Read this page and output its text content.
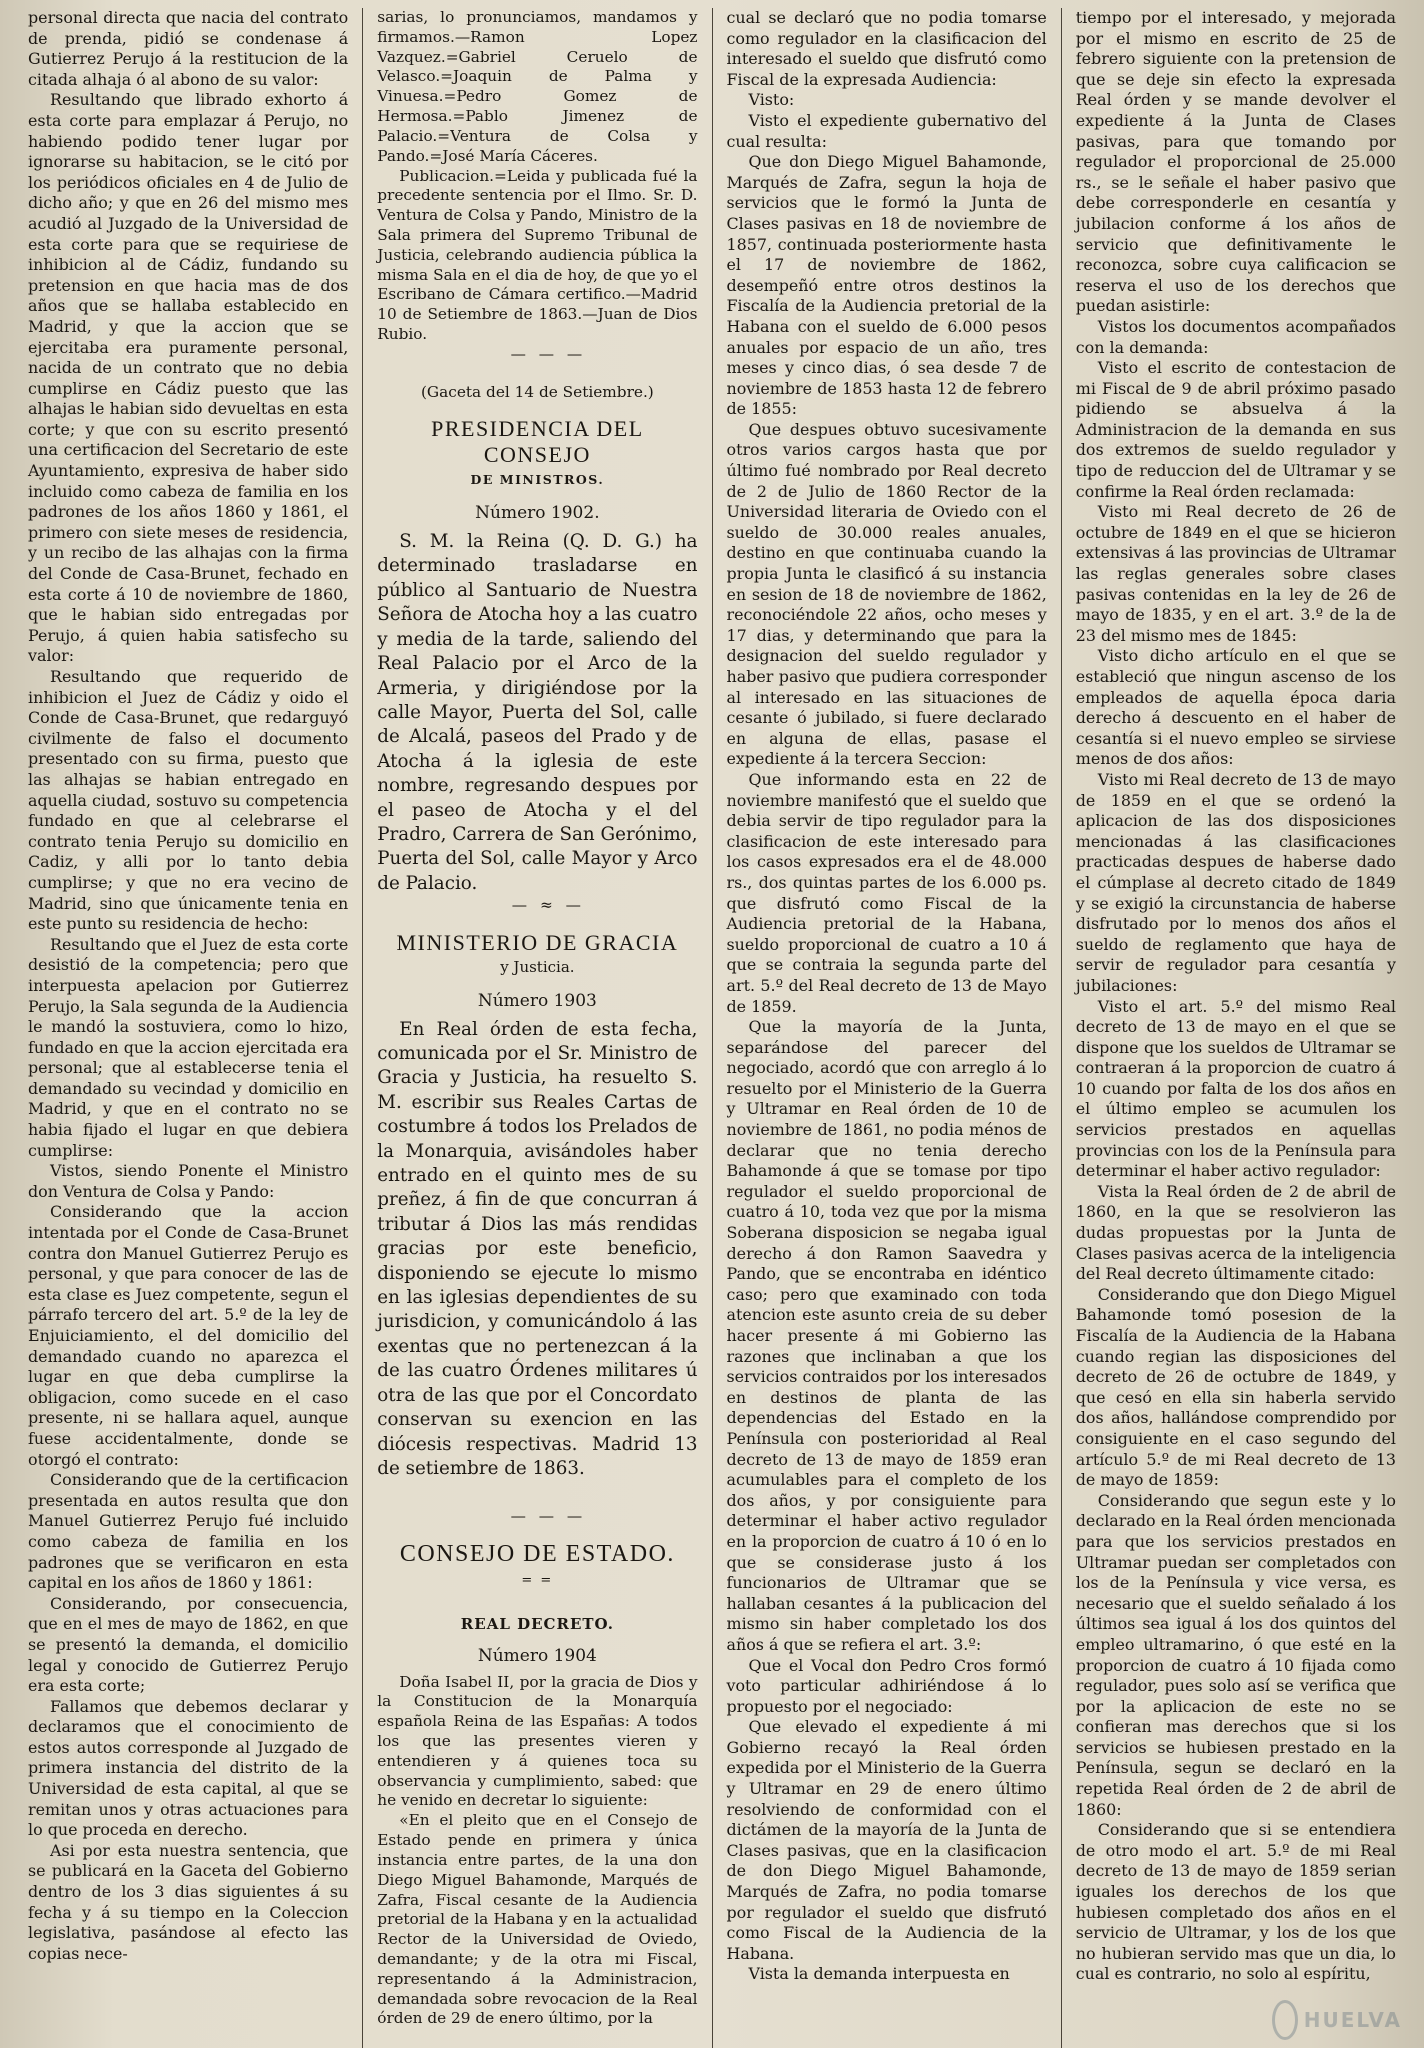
personal directa que nacia del contrato de prenda, pidió se condenase á Gutierrez Perujo á la restitucion de la citada alhaja ó al abono de su valor:

Resultando que librado exhorto á esta corte para emplazar á Perujo, no habiendo podido tener lugar por ignorarse su habitacion, se le citó por los periódicos oficiales en 4 de Julio de dicho año; y que en 26 del mismo mes acudió al Juzgado de la Universidad de esta corte para que se requiriese de inhibicion al de Cádiz, fundando su pretension en que hacia mas de dos años que se hallaba establecido en Madrid, y que la accion que se ejercitaba era puramente personal, nacida de un contrato que no debia cumplirse en Cádiz puesto que las alhajas le habian sido devueltas en esta corte; y que con su escrito presentó una certificacion del Secretario de este Ayuntamiento, expresiva de haber sido incluido como cabeza de familia en los padrones de los años 1860 y 1861, el primero con siete meses de residencia, y un recibo de las alhajas con la firma del Conde de Casa-Brunet, fechado en esta corte á 10 de noviembre de 1860, que le habian sido entregadas por Perujo, á quien habia satisfecho su valor:

Resultando que requerido de inhibicion el Juez de Cádiz y oido el Conde de Casa-Brunet, que redarguyó civilmente de falso el documento presentado con su firma, puesto que las alhajas se habian entregado en aquella ciudad, sostuvo su competencia fundado en que al celebrarse el contrato tenia Perujo su domicilio en Cadiz, y alli por lo tanto debia cumplirse; y que no era vecino de Madrid, sino que únicamente tenia en este punto su residencia de hecho:

Resultando que el Juez de esta corte desistió de la competencia; pero que interpuesta apelacion por Gutierrez Perujo, la Sala segunda de la Audiencia le mandó la sostuviera, como lo hizo, fundado en que la accion ejercitada era personal; que al establecerse tenia el demandado su vecindad y domicilio en Madrid, y que en el contrato no se habia fijado el lugar en que debiera cumplirse:

Vistos, siendo Ponente el Ministro don Ventura de Colsa y Pando:

Considerando que la accion intentada por el Conde de Casa-Brunet contra don Manuel Gutierrez Perujo es personal, y que para conocer de las de esta clase es Juez competente, segun el párrafo tercero del art. 5.º de la ley de Enjuiciamiento, el del domicilio del demandado cuando no aparezca el lugar en que deba cumplirse la obligacion, como sucede en el caso presente, ni se hallara aquel, aunque fuese accidentalmente, donde se otorgó el contrato:

Considerando que de la certificacion presentada en autos resulta que don Manuel Gutierrez Perujo fué incluido como cabeza de familia en los padrones que se verificaron en esta capital en los años de 1860 y 1861:

Considerando, por consecuencia, que en el mes de mayo de 1862, en que se presentó la demanda, el domicilio legal y conocido de Gutierrez Perujo era esta corte;

Fallamos que debemos declarar y declaramos que el conocimiento de estos autos corresponde al Juzgado de primera instancia del distrito de la Universidad de esta capital, al que se remitan unos y otras actuaciones para lo que proceda en derecho.

Asi por esta nuestra sentencia, que se publicará en la Gaceta del Gobierno dentro de los 3 dias siguientes á su fecha y á su tiempo en la Coleccion legislativa, pasándose al efecto las copias nece-

sarias, lo pronunciamos, mandamos y firmamos.—Ramon Lopez Vazquez.=Gabriel Ceruelo de Velasco.=Joaquin de Palma y Vinuesa.=Pedro Gomez de Hermosa.=Pablo Jimenez de Palacio.=Ventura de Colsa y Pando.=José María Cáceres.

Publicacion.=Leida y publicada fué la precedente sentencia por el Ilmo. Sr. D. Ventura de Colsa y Pando, Ministro de la Sala primera del Supremo Tribunal de Justicia, celebrando audiencia pública la misma Sala en el dia de hoy, de que yo el Escribano de Cámara certifico.—Madrid 10 de Setiembre de 1863.—Juan de Dios Rubio.

— — —

(Gaceta del 14 de Setiembre.)

PRESIDENCIA DEL CONSEJO
DE MINISTROS.
Número 1902.

S. M. la Reina (Q. D. G.) ha determinado trasladarse en público al Santuario de Nuestra Señora de Atocha hoy a las cuatro y media de la tarde, saliendo del Real Palacio por el Arco de la Armeria, y dirigiéndose por la calle Mayor, Puerta del Sol, calle de Alcalá, paseos del Prado y de Atocha á la iglesia de este nombre, regresando despues por el paseo de Atocha y el del Pradro, Carrera de San Gerónimo, Puerta del Sol, calle Mayor y Arco de Palacio.

— ≈ —

MINISTERIO DE GRACIA
y Justicia.
Número 1903

En Real órden de esta fecha, comunicada por el Sr. Ministro de Gracia y Justicia, ha resuelto S. M. escribir sus Reales Cartas de costumbre á todos los Prelados de la Monarquia, avisándoles haber entrado en el quinto mes de su preñez, á fin de que concurran á tributar á Dios las más rendidas gracias por este beneficio, disponiendo se ejecute lo mismo en las iglesias dependientes de su jurisdicion, y comunicándolo á las exentas que no pertenezcan á la de las cuatro Órdenes militares ú otra de las que por el Concordato conservan su exencion en las diócesis respectivas. Madrid 13 de setiembre de 1863.

— — —

CONSEJO DE ESTADO.
= =
REAL DECRETO.
Número 1904

Doña Isabel II, por la gracia de Dios y la Constitucion de la Monarquía española Reina de las Españas: A todos los que las presentes vieren y entendieren y á quienes toca su observancia y cumplimiento, sabed: que he venido en decretar lo siguiente:

«En el pleito que en el Consejo de Estado pende en primera y única instancia entre partes, de la una don Diego Miguel Bahamonde, Marqués de Zafra, Fiscal cesante de la Audiencia pretorial de la Habana y en la actualidad Rector de la Universidad de Oviedo, demandante; y de la otra mi Fiscal, representando á la Administracion, demandada sobre revocacion de la Real órden de 29 de enero último, por la

cual se declaró que no podia tomarse como regulador en la clasificacion del interesado el sueldo que disfrutó como Fiscal de la expresada Audiencia:

Visto:

Visto el expediente gubernativo del cual resulta:

Que don Diego Miguel Bahamonde, Marqués de Zafra, segun la hoja de servicios que le formó la Junta de Clases pasivas en 18 de noviembre de 1857, continuada posteriormente hasta el 17 de noviembre de 1862, desempeñó entre otros destinos la Fiscalía de la Audiencia pretorial de la Habana con el sueldo de 6.000 pesos anuales por espacio de un año, tres meses y cinco dias, ó sea desde 7 de noviembre de 1853 hasta 12 de febrero de 1855:

Que despues obtuvo sucesivamente otros varios cargos hasta que por último fué nombrado por Real decreto de 2 de Julio de 1860 Rector de la Universidad literaria de Oviedo con el sueldo de 30.000 reales anuales, destino en que continuaba cuando la propia Junta le clasificó á su instancia en sesion de 18 de noviembre de 1862, reconociéndole 22 años, ocho meses y 17 dias, y determinando que para la designacion del sueldo regulador y haber pasivo que pudiera corresponder al interesado en las situaciones de cesante ó jubilado, si fuere declarado en alguna de ellas, pasase el expediente á la tercera Seccion:

Que informando esta en 22 de noviembre manifestó que el sueldo que debia servir de tipo regulador para la clasificacion de este interesado para los casos expresados era el de 48.000 rs., dos quintas partes de los 6.000 ps. que disfrutó como Fiscal de la Audiencia pretorial de la Habana, sueldo proporcional de cuatro a 10 á que se contraia la segunda parte del art. 5.º del Real decreto de 13 de Mayo de 1859.

Que la mayoría de la Junta, separándose del parecer del negociado, acordó que con arreglo á lo resuelto por el Ministerio de la Guerra y Ultramar en Real órden de 10 de noviembre de 1861, no podia ménos de declarar que no tenia derecho Bahamonde á que se tomase por tipo regulador el sueldo proporcional de cuatro á 10, toda vez que por la misma Soberana disposicion se negaba igual derecho á don Ramon Saavedra y Pando, que se encontraba en idéntico caso; pero que examinado con toda atencion este asunto creia de su deber hacer presente á mi Gobierno las razones que inclinaban a que los servicios contraidos por los interesados en destinos de planta de las dependencias del Estado en la Península con posterioridad al Real decreto de 13 de mayo de 1859 eran acumulables para el completo de los dos años, y por consiguiente para determinar el haber activo regulador en la proporcion de cuatro á 10 ó en lo que se considerase justo á los funcionarios de Ultramar que se hallaban cesantes á la publicacion del mismo sin haber completado los dos años á que se refiera el art. 3.º:

Que el Vocal don Pedro Cros formó voto particular adhiriéndose á lo propuesto por el negociado:

Que elevado el expediente á mi Gobierno recayó la Real órden expedida por el Ministerio de la Guerra y Ultramar en 29 de enero último resolviendo de conformidad con el dictámen de la mayoría de la Junta de Clases pasivas, que en la clasificacion de don Diego Miguel Bahamonde, Marqués de Zafra, no podia tomarse por regulador el sueldo que disfrutó como Fiscal de la Audiencia de la Habana.

Vista la demanda interpuesta en

tiempo por el interesado, y mejorada por el mismo en escrito de 25 de febrero siguiente con la pretension de que se deje sin efecto la expresada Real órden y se mande devolver el expediente á la Junta de Clases pasivas, para que tomando por regulador el proporcional de 25.000 rs., se le señale el haber pasivo que debe corresponderle en cesantía y jubilacion conforme á los años de servicio que definitivamente le reconozca, sobre cuya calificacion se reserva el uso de los derechos que puedan asistirle:

Vistos los documentos acompañados con la demanda:

Visto el escrito de contestacion de mi Fiscal de 9 de abril próximo pasado pidiendo se absuelva á la Administracion de la demanda en sus dos extremos de sueldo regulador y tipo de reduccion del de Ultramar y se confirme la Real órden reclamada:

Visto mi Real decreto de 26 de octubre de 1849 en el que se hicieron extensivas á las provincias de Ultramar las reglas generales sobre clases pasivas contenidas en la ley de 26 de mayo de 1835, y en el art. 3.º de la de 23 del mismo mes de 1845:

Visto dicho artículo en el que se estableció que ningun ascenso de los empleados de aquella época daria derecho á descuento en el haber de cesantía si el nuevo empleo se sirviese menos de dos años:

Visto mi Real decreto de 13 de mayo de 1859 en el que se ordenó la aplicacion de las dos disposiciones mencionadas á las clasificaciones practicadas despues de haberse dado el cúmplase al decreto citado de 1849 y se exigió la circunstancia de haberse disfrutado por lo menos dos años el sueldo de reglamento que haya de servir de regulador para cesantía y jubilaciones:

Visto el art. 5.º del mismo Real decreto de 13 de mayo en el que se dispone que los sueldos de Ultramar se contraeran á la proporcion de cuatro á 10 cuando por falta de los dos años en el último empleo se acumulen los servicios prestados en aquellas provincias con los de la Península para determinar el haber activo regulador:

Vista la Real órden de 2 de abril de 1860, en la que se resolvieron las dudas propuestas por la Junta de Clases pasivas acerca de la inteligencia del Real decreto últimamente citado:

Considerando que don Diego Miguel Bahamonde tomó posesion de la Fiscalía de la Audiencia de la Habana cuando regian las disposiciones del decreto de 26 de octubre de 1849, y que cesó en ella sin haberla servido dos años, hallándose comprendido por consiguiente en el caso segundo del artículo 5.º de mi Real decreto de 13 de mayo de 1859:

Considerando que segun este y lo declarado en la Real órden mencionada para que los servicios prestados en Ultramar puedan ser completados con los de la Península y vice versa, es necesario que el sueldo señalado á los últimos sea igual á los dos quintos del empleo ultramarino, ó que esté en la proporcion de cuatro á 10 fijada como regulador, pues solo así se verifica que por la aplicacion de este no se confieran mas derechos que si los servicios se hubiesen prestado en la Península, segun se declaró en la repetida Real órden de 2 de abril de 1860:

Considerando que si se entendiera de otro modo el art. 5.º de mi Real decreto de 13 de mayo de 1859 serian iguales los derechos de los que hubiesen completado dos años en el servicio de Ultramar, y los de los que no hubieran servido mas que un dia, lo cual es contrario, no solo al espíritu,

HUELVA
